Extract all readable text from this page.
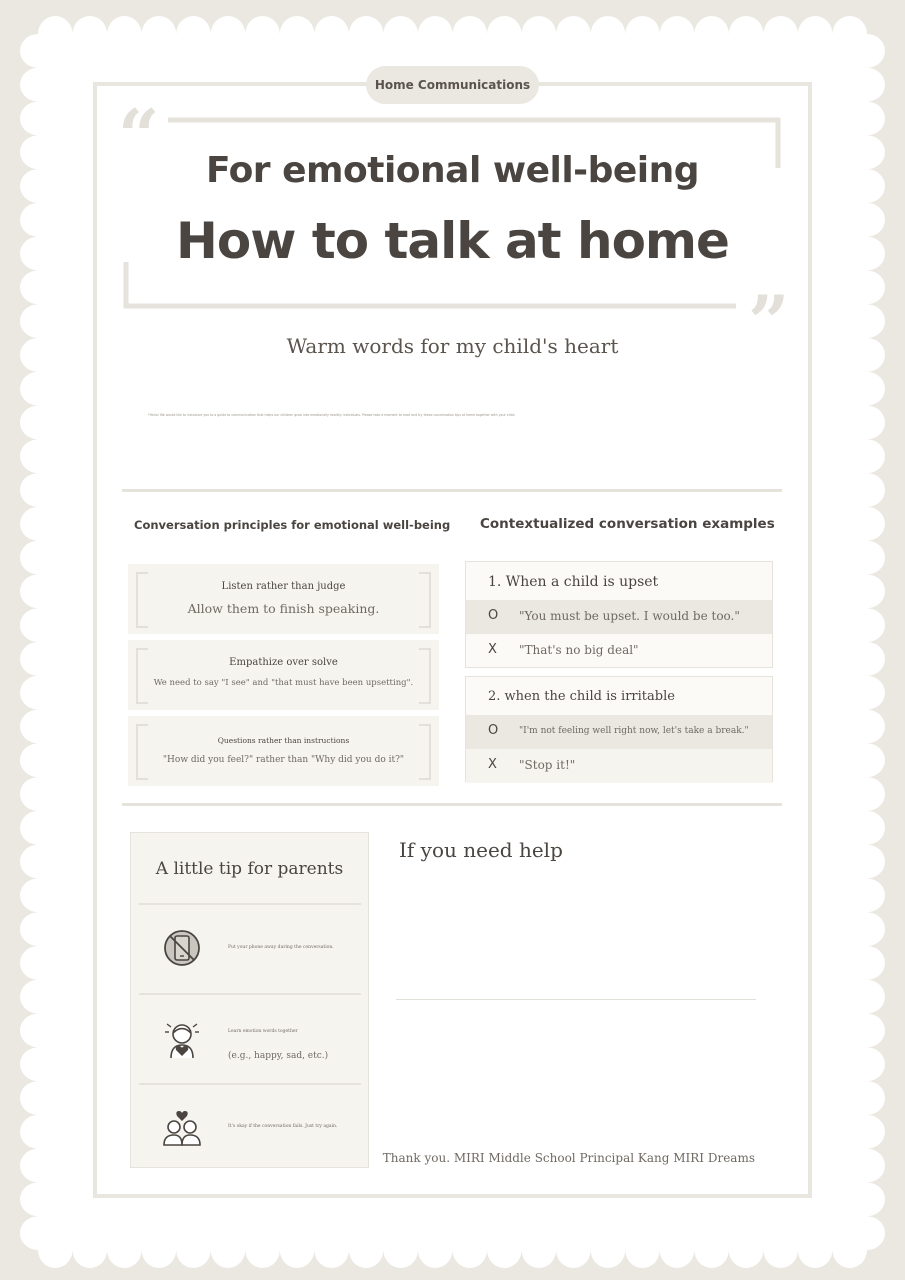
Home Communications
“
”
For emotional well-being
How to talk at home
Warm words for my child's heart
*Hello! We would like to introduce you to a guide to communication that helps our children grow into emotionally healthy individuals. Please take a moment to read and try these conversation tips at home together with your child.
Conversation principles for emotional well-being
Listen rather than judge
Allow them to finish speaking.
Empathize over solve
We need to say "I see" and "that must have been upsetting".
Questions rather than instructions
"How did you feel?" rather than "Why did you do it?"
Contextualized conversation examples
1. When a child is upset
O "You must be upset. I would be too."
X "That's no big deal"
2. when the child is irritable
O "I'm not feeling well right now, let's take a break."
X "Stop it!"
A little tip for parents
Put your phone away during the conversation.
Learn emotion words together
(e.g., happy, sad, etc.)
It's okay if the conversation fails. Just try again.
If you need help
Thank you. MIRI Middle School Principal Kang MIRI Dreams
